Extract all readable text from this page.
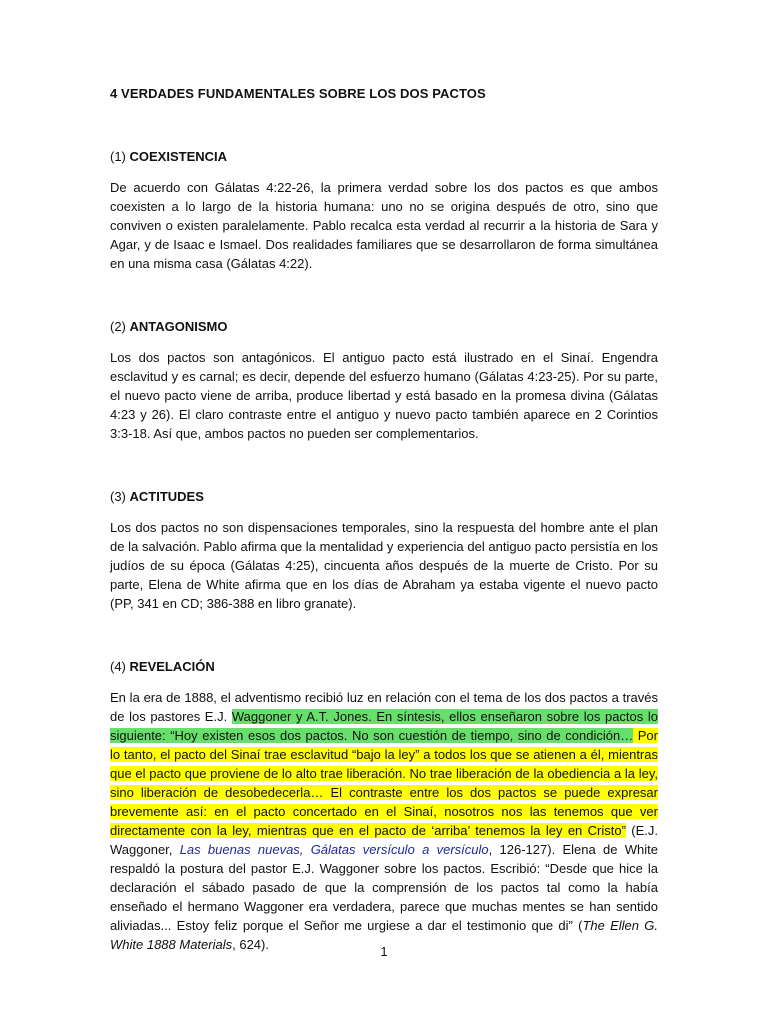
4 VERDADES FUNDAMENTALES SOBRE LOS DOS PACTOS

(1) COEXISTENCIA

De acuerdo con Gálatas 4:22-26, la primera verdad sobre los dos pactos es que ambos coexisten a lo largo de la historia humana: uno no se origina después de otro, sino que conviven o existen paralelamente. Pablo recalca esta verdad al recurrir a la historia de Sara y Agar, y de Isaac e Ismael. Dos realidades familiares que se desarrollaron de forma simultánea en una misma casa (Gálatas 4:22).

(2) ANTAGONISMO

Los dos pactos son antagónicos. El antiguo pacto está ilustrado en el Sinaí. Engendra esclavitud y es carnal; es decir, depende del esfuerzo humano (Gálatas 4:23-25). Por su parte, el nuevo pacto viene de arriba, produce libertad y está basado en la promesa divina (Gálatas 4:23 y 26). El claro contraste entre el antiguo y nuevo pacto también aparece en 2 Corintios 3:3-18. Así que, ambos pactos no pueden ser complementarios.

(3) ACTITUDES

Los dos pactos no son dispensaciones temporales, sino la respuesta del hombre ante el plan de la salvación. Pablo afirma que la mentalidad y experiencia del antiguo pacto persistía en los judíos de su época (Gálatas 4:25), cincuenta años después de la muerte de Cristo. Por su parte, Elena de White afirma que en los días de Abraham ya estaba vigente el nuevo pacto (PP, 341 en CD; 386-388 en libro granate).

(4) REVELACIÓN

En la era de 1888, el adventismo recibió luz en relación con el tema de los dos pactos a través de los pastores E.J. Waggoner y A.T. Jones. En síntesis, ellos enseñaron sobre los pactos lo siguiente: “Hoy existen esos dos pactos. No son cuestión de tiempo, sino de condición… Por lo tanto, el pacto del Sinaí trae esclavitud “bajo la ley” a todos los que se atienen a él, mientras que el pacto que proviene de lo alto trae liberación. No trae liberación de la obediencia a la ley, sino liberación de desobedecerla… El contraste entre los dos pactos se puede expresar brevemente así: en el pacto concertado en el Sinaí, nosotros nos las tenemos que ver directamente con la ley, mientras que en el pacto de ‘arriba’ tenemos la ley en Cristo” (E.J. Waggoner, Las buenas nuevas, Gálatas versículo a versículo, 126-127). Elena de White respaldó la postura del pastor E.J. Waggoner sobre los pactos. Escribió: “Desde que hice la declaración el sábado pasado de que la comprensión de los pactos tal como la había enseñado el hermano Waggoner era verdadera, parece que muchas mentes se han sentido aliviadas... Estoy feliz porque el Señor me urgiese a dar el testimonio que di” (The Ellen G. White 1888 Materials, 624).	1
